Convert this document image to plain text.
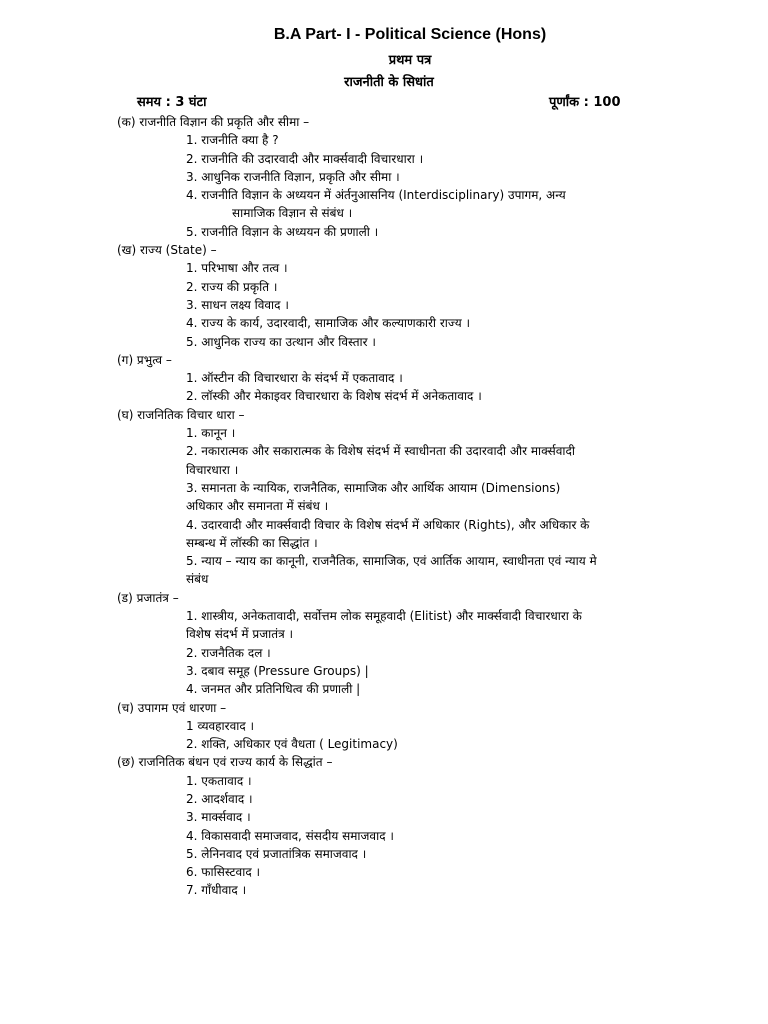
B.A Part- I - Political Science (Hons)
प्रथम पत्र
राजनीती के सिधांत
समय : 3 घंटा	पूर्णांक : 100
(क) राजनीति विज्ञान की प्रकृति और सीमा –
1. राजनीति क्या है ?
2. राजनीति की उदारवादी और मार्क्सवादी विचारधारा ।
3. आधुनिक राजनीति विज्ञान, प्रकृति और सीमा ।
4. राजनीति विज्ञान के अध्ययन में अंर्तनुआसनिय (Interdisciplinary) उपागम, अन्य
सामाजिक विज्ञान से संबंध ।
5. राजनीति विज्ञान के अध्ययन की प्रणाली ।
(ख) राज्य (State) –
1. परिभाषा और तत्व ।
2. राज्य की प्रकृति ।
3. साधन लक्ष्य विवाद ।
4. राज्य के कार्य, उदारवादी, सामाजिक और कल्याणकारी राज्य ।
5. आधुनिक राज्य का उत्थान और विस्तार ।
(ग) प्रभुत्व –
1. ऑस्टीन की विचारधारा के संदर्भ में एकतावाद ।
2. लॉस्की और मेकाइवर विचारधारा के विशेष संदर्भ में अनेकतावाद ।
(घ) राजनितिक विचार धारा –
1. कानून ।
2. नकारात्मक और सकारात्मक के विशेष संदर्भ में स्वाधीनता की उदारवादी और मार्क्सवादी
विचारधारा ।
3. समानता के न्यायिक, राजनैतिक, सामाजिक और आर्थिक आयाम (Dimensions)
अधिकार और समानता में संबंध ।
4. उदारवादी और मार्क्सवादी विचार के विशेष संदर्भ में अधिकार (Rights), और अधिकार के
सम्बन्ध में लॉस्की का सिद्धांत ।
5. न्याय – न्याय का कानूनी, राजनैतिक, सामाजिक, एवं आर्तिक आयाम, स्वाधीनता एवं न्याय मे
संबंध
(ड) प्रजातंत्र –
1. शास्त्रीय, अनेकतावादी, सर्वोत्तम लोक समूहवादी (Elitist) और मार्क्सवादी विचारधारा के
विशेष संदर्भ में प्रजातंत्र ।
2. राजनैतिक दल ।
3. दबाव समूह (Pressure Groups) |
4. जनमत और प्रतिनिधित्व की प्रणाली |
(च) उपागम एवं धारणा –
1 व्यवहारवाद ।
2. शक्ति, अधिकार एवं वैधता ( Legitimacy)
(छ) राजनितिक बंधन एवं राज्य कार्य के सिद्धांत –
1. एकतावाद ।
2. आदर्शवाद ।
3. मार्क्सवाद ।
4. विकासवादी समाजवाद, संसदीय समाजवाद ।
5. लेनिनवाद एवं प्रजातांत्रिक समाजवाद ।
6. फासिस्टवाद ।
7. गाँधीवाद ।
